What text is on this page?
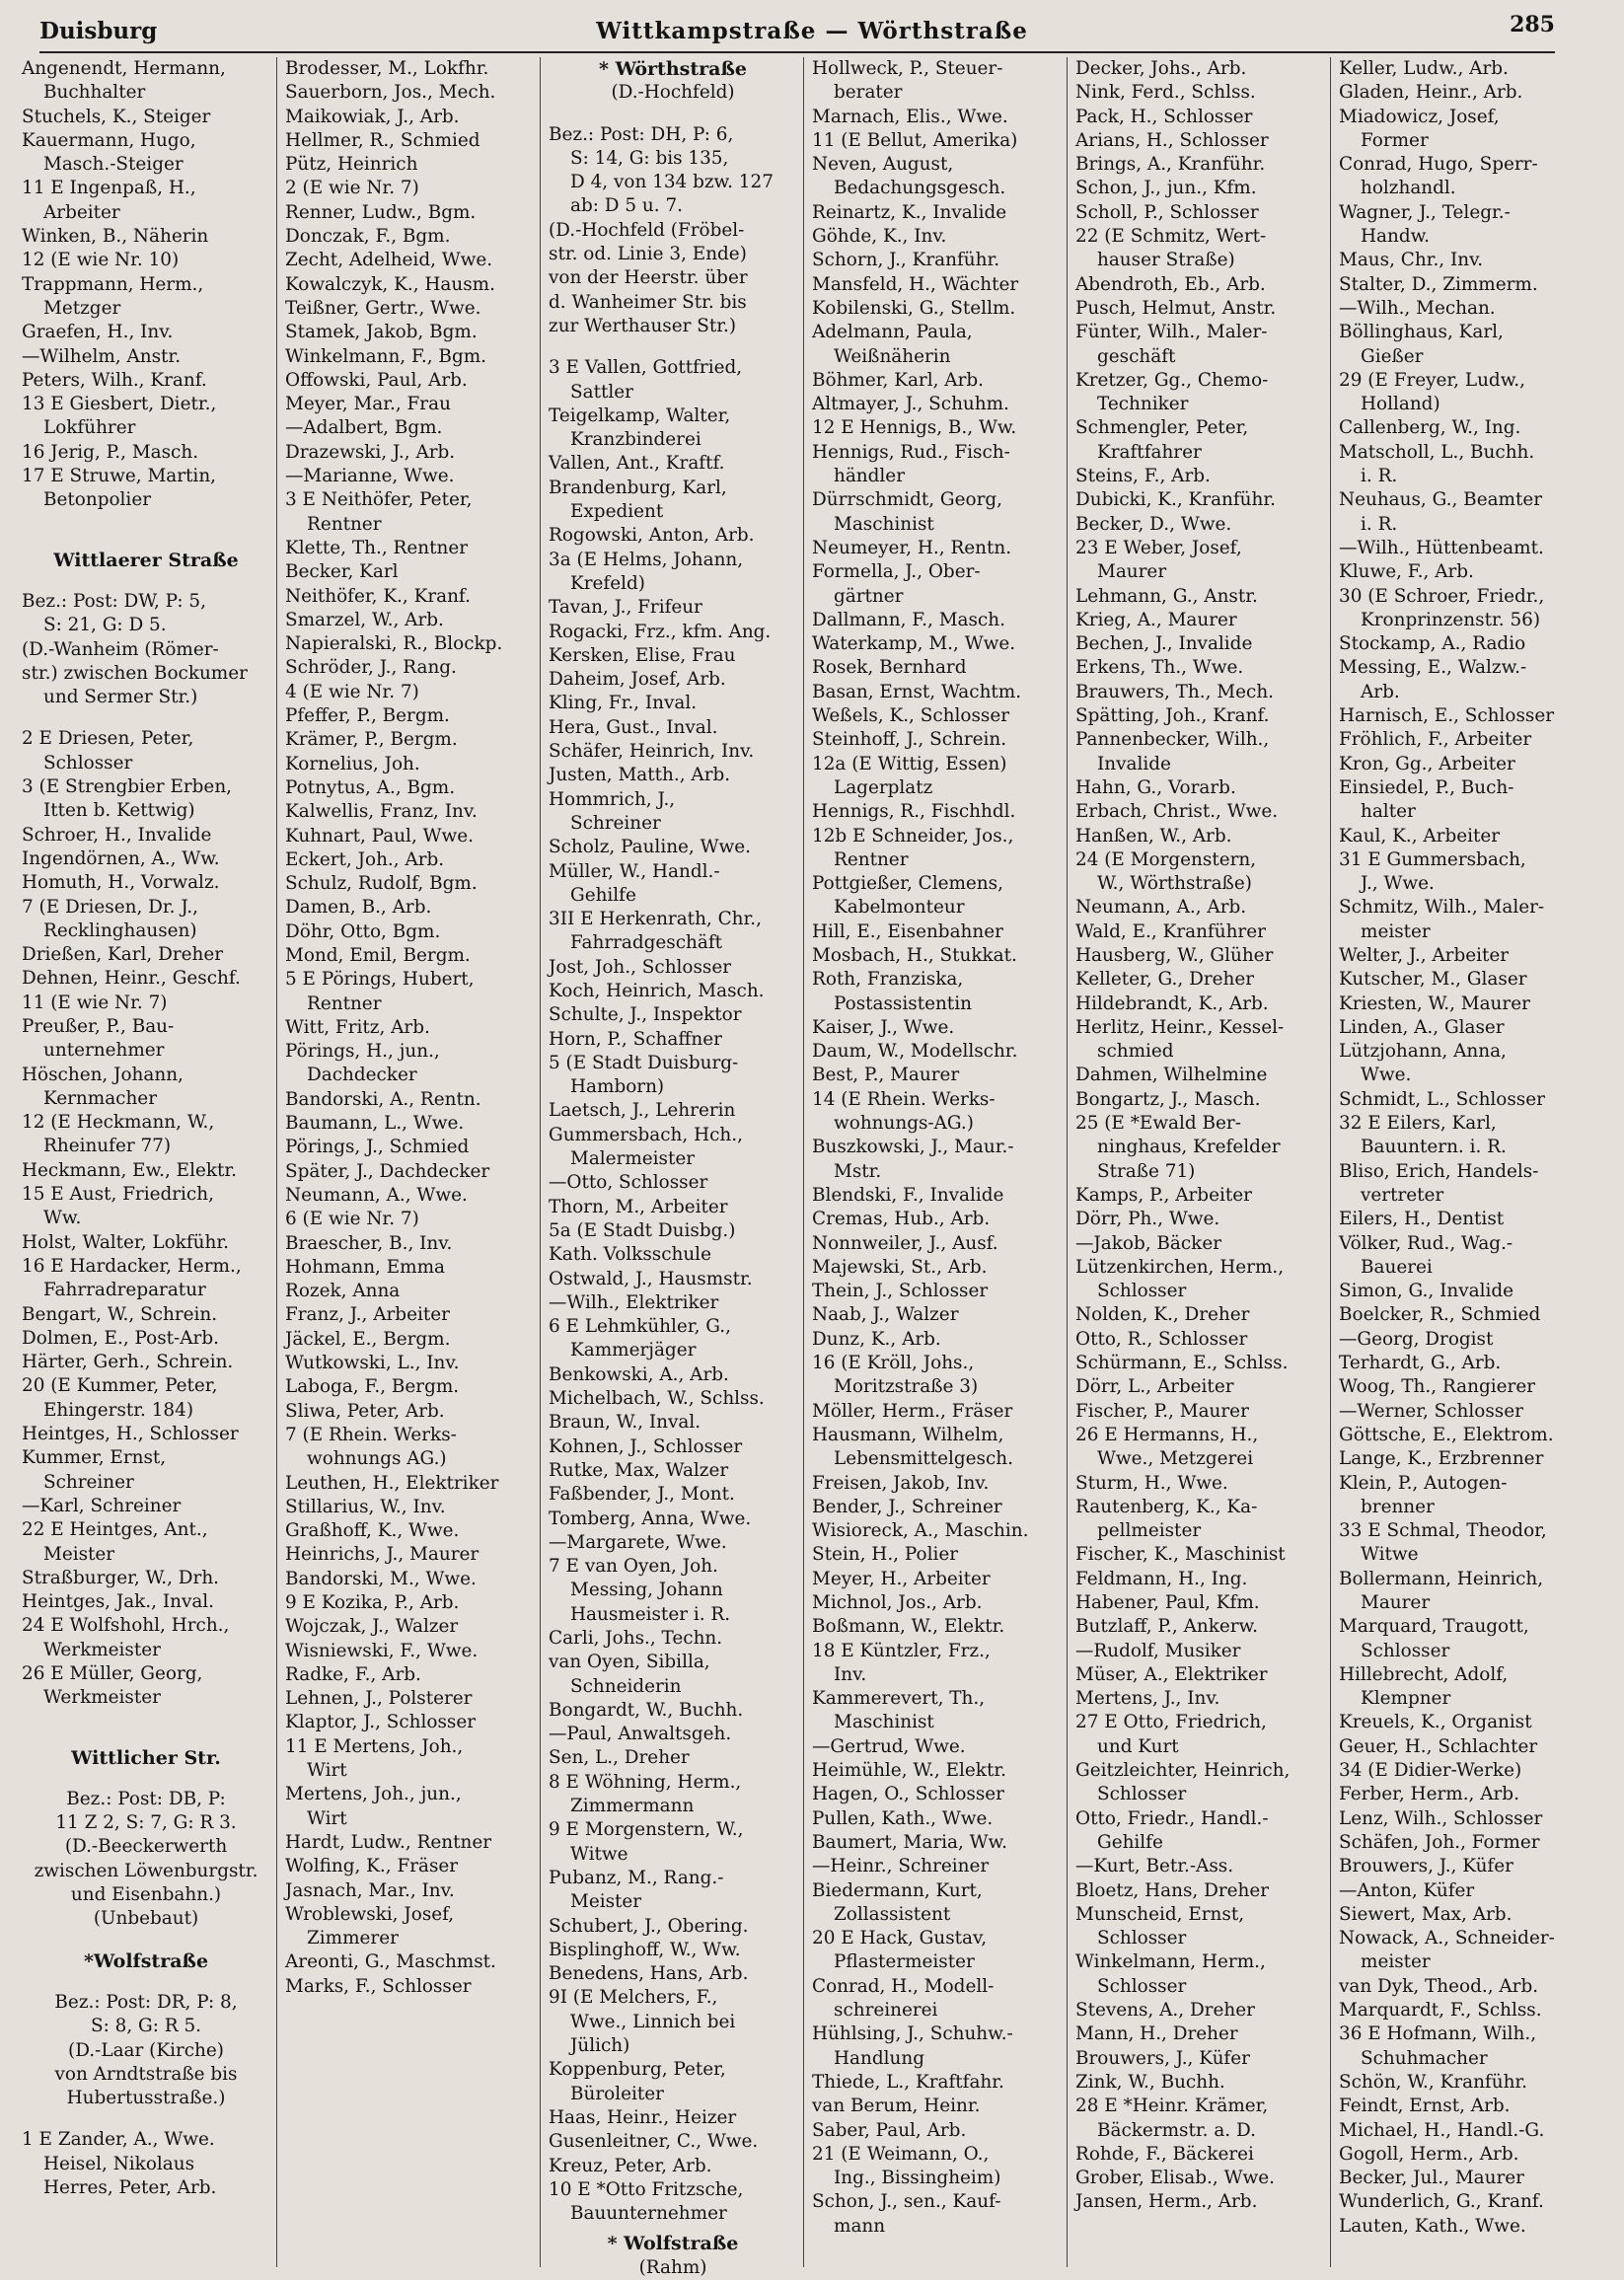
Duisburg	Wittkampstraße — Wörthstraße	285
Angenendt, Hermann,
Buchhalter
Stuchels, K., Steiger
Kauermann, Hugo,
Masch.-Steiger
11 E Ingenpaß, H.,
Arbeiter
Winken, B., Näherin
12 (E wie Nr. 10)
Trappmann, Herm.,
Metzger
Graefen, H., Inv.
—Wilhelm, Anstr.
Peters, Wilh., Kranf.
13 E Giesbert, Dietr.,
Lokführer
16 Jerig, P., Masch.
17 E Struwe, Martin,
Betonpolier
Wittlaerer Straße
Bez.: Post: DW, P: 5,
S: 21, G: D 5.
(D.-Wanheim (Römer-
str.) zwischen Bockumer
und Sermer Str.)
2 E Driesen, Peter,
Schlosser
3 (E Strengbier Erben,
Itten b. Kettwig)
Schroer, H., Invalide
Ingendörnen, A., Ww.
Homuth, H., Vorwalz.
7 (E Driesen, Dr. J.,
Recklinghausen)
Drießen, Karl, Dreher
Dehnen, Heinr., Geschf.
11 (E wie Nr. 7)
Preußer, P., Bau-
unternehmer
Höschen, Johann,
Kernmacher
12 (E Heckmann, W.,
Rheinufer 77)
Heckmann, Ew., Elektr.
15 E Aust, Friedrich,
Ww.
Holst, Walter, Lokführ.
16 E Hardacker, Herm.,
Fahrradreparatur
Bengart, W., Schrein.
Dolmen, E., Post-Arb.
Härter, Gerh., Schrein.
20 (E Kummer, Peter,
Ehingerstr. 184)
Heintges, H., Schlosser
Kummer, Ernst,
Schreiner
—Karl, Schreiner
22 E Heintges, Ant.,
Meister
Straßburger, W., Drh.
Heintges, Jak., Inval.
24 E Wolfshohl, Hrch.,
Werkmeister
26 E Müller, Georg,
Werkmeister
Wittlicher Str.
Bez.: Post: DB, P:
11 Z 2, S: 7, G: R 3.
(D.-Beeckerwerth
zwischen Löwenburgstr.
und Eisenbahn.)
(Unbebaut)
*Wolfstraße
Bez.: Post: DR, P: 8,
S: 8, G: R 5.
(D.-Laar (Kirche)
von Arndtstraße bis
Hubertusstraße.)
1 E Zander, A., Wwe.
Heisel, Nikolaus
Herres, Peter, Arb.
Brodesser, M., Lokfhr.
Sauerborn, Jos., Mech.
Maikowiak, J., Arb.
Hellmer, R., Schmied
Pütz, Heinrich
2 (E wie Nr. 7)
Renner, Ludw., Bgm.
Donczak, F., Bgm.
Zecht, Adelheid, Wwe.
Kowalczyk, K., Hausm.
Teißner, Gertr., Wwe.
Stamek, Jakob, Bgm.
Winkelmann, F., Bgm.
Offowski, Paul, Arb.
Meyer, Mar., Frau
—Adalbert, Bgm.
Drazewski, J., Arb.
—Marianne, Wwe.
3 E Neithöfer, Peter,
Rentner
Klette, Th., Rentner
Becker, Karl
Neithöfer, K., Kranf.
Smarzel, W., Arb.
Napieralski, R., Blockp.
Schröder, J., Rang.
4 (E wie Nr. 7)
Pfeffer, P., Bergm.
Krämer, P., Bergm.
Kornelius, Joh.
Potnytus, A., Bgm.
Kalwellis, Franz, Inv.
Kuhnart, Paul, Wwe.
Eckert, Joh., Arb.
Schulz, Rudolf, Bgm.
Damen, B., Arb.
Döhr, Otto, Bgm.
Mond, Emil, Bergm.
5 E Pörings, Hubert,
Rentner
Witt, Fritz, Arb.
Pörings, H., jun.,
Dachdecker
Bandorski, A., Rentn.
Baumann, L., Wwe.
Pörings, J., Schmied
Später, J., Dachdecker
Neumann, A., Wwe.
6 (E wie Nr. 7)
Braescher, B., Inv.
Hohmann, Emma
Rozek, Anna
Franz, J., Arbeiter
Jäckel, E., Bergm.
Wutkowski, L., Inv.
Laboga, F., Bergm.
Sliwa, Peter, Arb.
7 (E Rhein. Werks-
wohnungs AG.)
Leuthen, H., Elektriker
Stillarius, W., Inv.
Graßhoff, K., Wwe.
Heinrichs, J., Maurer
Bandorski, M., Wwe.
9 E Kozika, P., Arb.
Wojczak, J., Walzer
Wisniewski, F., Wwe.
Radke, F., Arb.
Lehnen, J., Polsterer
Klaptor, J., Schlosser
11 E Mertens, Joh.,
Wirt
Mertens, Joh., jun.,
Wirt
Hardt, Ludw., Rentner
Wolfing, K., Fräser
Jasnach, Mar., Inv.
Wroblewski, Josef,
Zimmerer
Areonti, G., Maschmst.
Marks, F., Schlosser
* Wörthstraße
(D.-Hochfeld)
Bez.: Post: DH, P: 6,
S: 14, G: bis 135,
D 4, von 134 bzw. 127
ab: D 5 u. 7.
(D.-Hochfeld (Fröbel-
str. od. Linie 3, Ende)
von der Heerstr. über
d. Wanheimer Str. bis
zur Werthauser Str.)
3 E Vallen, Gottfried,
Sattler
Teigelkamp, Walter,
Kranzbinderei
Vallen, Ant., Kraftf.
Brandenburg, Karl,
Expedient
Rogowski, Anton, Arb.
3a (E Helms, Johann,
Krefeld)
Tavan, J., Frifeur
Rogacki, Frz., kfm. Ang.
Kersken, Elise, Frau
Daheim, Josef, Arb.
Kling, Fr., Inval.
Hera, Gust., Inval.
Schäfer, Heinrich, Inv.
Justen, Matth., Arb.
Hommrich, J.,
Schreiner
Scholz, Pauline, Wwe.
Müller, W., Handl.-
Gehilfe
3II E Herkenrath, Chr.,
Fahrradgeschäft
Jost, Joh., Schlosser
Koch, Heinrich, Masch.
Schulte, J., Inspektor
Horn, P., Schaffner
5 (E Stadt Duisburg-
Hamborn)
Laetsch, J., Lehrerin
Gummersbach, Hch.,
Malermeister
—Otto, Schlosser
Thorn, M., Arbeiter
5a (E Stadt Duisbg.)
Kath. Volksschule
Ostwald, J., Hausmstr.
—Wilh., Elektriker
6 E Lehmkühler, G.,
Kammerjäger
Benkowski, A., Arb.
Michelbach, W., Schlss.
Braun, W., Inval.
Kohnen, J., Schlosser
Rutke, Max, Walzer
Faßbender, J., Mont.
Tomberg, Anna, Wwe.
—Margarete, Wwe.
7 E van Oyen, Joh.
Messing, Johann
Hausmeister i. R.
Carli, Johs., Techn.
van Oyen, Sibilla,
Schneiderin
Bongardt, W., Buchh.
—Paul, Anwaltsgeh.
Sen, L., Dreher
8 E Wöhning, Herm.,
Zimmermann
9 E Morgenstern, W.,
Witwe
Pubanz, M., Rang.-
Meister
Schubert, J., Obering.
Bisplinghoff, W., Ww.
Benedens, Hans, Arb.
9I (E Melchers, F.,
Wwe., Linnich bei
Jülich)
Koppenburg, Peter,
Büroleiter
Haas, Heinr., Heizer
Gusenleitner, C., Wwe.
Kreuz, Peter, Arb.
10 E *Otto Fritzsche,
Bauunternehmer
* Wolfstraße
(Rahm)
Hollweck, P., Steuer-
berater
Marnach, Elis., Wwe.
11 (E Bellut, Amerika)
Neven, August,
Bedachungsgesch.
Reinartz, K., Invalide
Göhde, K., Inv.
Schorn, J., Kranführ.
Mansfeld, H., Wächter
Kobilenski, G., Stellm.
Adelmann, Paula,
Weißnäherin
Böhmer, Karl, Arb.
Altmayer, J., Schuhm.
12 E Hennigs, B., Ww.
Hennigs, Rud., Fisch-
händler
Dürrschmidt, Georg,
Maschinist
Neumeyer, H., Rentn.
Formella, J., Ober-
gärtner
Dallmann, F., Masch.
Waterkamp, M., Wwe.
Rosek, Bernhard
Basan, Ernst, Wachtm.
Weßels, K., Schlosser
Steinhoff, J., Schrein.
12a (E Wittig, Essen)
Lagerplatz
Hennigs, R., Fischhdl.
12b E Schneider, Jos.,
Rentner
Pottgießer, Clemens,
Kabelmonteur
Hill, E., Eisenbahner
Mosbach, H., Stukkat.
Roth, Franziska,
Postassistentin
Kaiser, J., Wwe.
Daum, W., Modellschr.
Best, P., Maurer
14 (E Rhein. Werks-
wohnungs-AG.)
Buszkowski, J., Maur.-
Mstr.
Blendski, F., Invalide
Cremas, Hub., Arb.
Nonnweiler, J., Ausf.
Majewski, St., Arb.
Thein, J., Schlosser
Naab, J., Walzer
Dunz, K., Arb.
16 (E Kröll, Johs.,
Moritzstraße 3)
Möller, Herm., Fräser
Hausmann, Wilhelm,
Lebensmittelgesch.
Freisen, Jakob, Inv.
Bender, J., Schreiner
Wisioreck, A., Maschin.
Stein, H., Polier
Meyer, H., Arbeiter
Michnol, Jos., Arb.
Boßmann, W., Elektr.
18 E Küntzler, Frz.,
Inv.
Kammerevert, Th.,
Maschinist
—Gertrud, Wwe.
Heimühle, W., Elektr.
Hagen, O., Schlosser
Pullen, Kath., Wwe.
Baumert, Maria, Ww.
—Heinr., Schreiner
Biedermann, Kurt,
Zollassistent
20 E Hack, Gustav,
Pflastermeister
Conrad, H., Modell-
schreinerei
Hühlsing, J., Schuhw.-
Handlung
Thiede, L., Kraftfahr.
van Berum, Heinr.
Saber, Paul, Arb.
21 (E Weimann, O.,
Ing., Bissingheim)
Schon, J., sen., Kauf-
mann
Decker, Johs., Arb.
Nink, Ferd., Schlss.
Pack, H., Schlosser
Arians, H., Schlosser
Brings, A., Kranführ.
Schon, J., jun., Kfm.
Scholl, P., Schlosser
22 (E Schmitz, Wert-
hauser Straße)
Abendroth, Eb., Arb.
Pusch, Helmut, Anstr.
Fünter, Wilh., Maler-
geschäft
Kretzer, Gg., Chemo-
Techniker
Schmengler, Peter,
Kraftfahrer
Steins, F., Arb.
Dubicki, K., Kranführ.
Becker, D., Wwe.
23 E Weber, Josef,
Maurer
Lehmann, G., Anstr.
Krieg, A., Maurer
Bechen, J., Invalide
Erkens, Th., Wwe.
Brauwers, Th., Mech.
Spätting, Joh., Kranf.
Pannenbecker, Wilh.,
Invalide
Hahn, G., Vorarb.
Erbach, Christ., Wwe.
Hanßen, W., Arb.
24 (E Morgenstern,
W., Wörthstraße)
Neumann, A., Arb.
Wald, E., Kranführer
Hausberg, W., Glüher
Kelleter, G., Dreher
Hildebrandt, K., Arb.
Herlitz, Heinr., Kessel-
schmied
Dahmen, Wilhelmine
Bongartz, J., Masch.
25 (E *Ewald Ber-
ninghaus, Krefelder
Straße 71)
Kamps, P., Arbeiter
Dörr, Ph., Wwe.
—Jakob, Bäcker
Lützenkirchen, Herm.,
Schlosser
Nolden, K., Dreher
Otto, R., Schlosser
Schürmann, E., Schlss.
Dörr, L., Arbeiter
Fischer, P., Maurer
26 E Hermanns, H.,
Wwe., Metzgerei
Sturm, H., Wwe.
Rautenberg, K., Ka-
pellmeister
Fischer, K., Maschinist
Feldmann, H., Ing.
Habener, Paul, Kfm.
Butzlaff, P., Ankerw.
—Rudolf, Musiker
Müser, A., Elektriker
Mertens, J., Inv.
27 E Otto, Friedrich,
und Kurt
Geitzleichter, Heinrich,
Schlosser
Otto, Friedr., Handl.-
Gehilfe
—Kurt, Betr.-Ass.
Bloetz, Hans, Dreher
Munscheid, Ernst,
Schlosser
Winkelmann, Herm.,
Schlosser
Stevens, A., Dreher
Mann, H., Dreher
Brouwers, J., Küfer
Zink, W., Buchh.
28 E *Heinr. Krämer,
Bäckermstr. a. D.
Rohde, F., Bäckerei
Grober, Elisab., Wwe.
Jansen, Herm., Arb.
Keller, Ludw., Arb.
Gladen, Heinr., Arb.
Miadowicz, Josef,
Former
Conrad, Hugo, Sperr-
holzhandl.
Wagner, J., Telegr.-
Handw.
Maus, Chr., Inv.
Stalter, D., Zimmerm.
—Wilh., Mechan.
Böllinghaus, Karl,
Gießer
29 (E Freyer, Ludw.,
Holland)
Callenberg, W., Ing.
Matscholl, L., Buchh.
i. R.
Neuhaus, G., Beamter
i. R.
—Wilh., Hüttenbeamt.
Kluwe, F., Arb.
30 (E Schroer, Friedr.,
Kronprinzenstr. 56)
Stockamp, A., Radio
Messing, E., Walzw.-
Arb.
Harnisch, E., Schlosser
Fröhlich, F., Arbeiter
Kron, Gg., Arbeiter
Einsiedel, P., Buch-
halter
Kaul, K., Arbeiter
31 E Gummersbach,
J., Wwe.
Schmitz, Wilh., Maler-
meister
Welter, J., Arbeiter
Kutscher, M., Glaser
Kriesten, W., Maurer
Linden, A., Glaser
Lützjohann, Anna,
Wwe.
Schmidt, L., Schlosser
32 E Eilers, Karl,
Bauuntern. i. R.
Bliso, Erich, Handels-
vertreter
Eilers, H., Dentist
Völker, Rud., Wag.-
Bauerei
Simon, G., Invalide
Boelcker, R., Schmied
—Georg, Drogist
Terhardt, G., Arb.
Woog, Th., Rangierer
—Werner, Schlosser
Göttsche, E., Elektrom.
Lange, K., Erzbrenner
Klein, P., Autogen-
brenner
33 E Schmal, Theodor,
Witwe
Bollermann, Heinrich,
Maurer
Marquard, Traugott,
Schlosser
Hillebrecht, Adolf,
Klempner
Kreuels, K., Organist
Geuer, H., Schlachter
34 (E Didier-Werke)
Ferber, Herm., Arb.
Lenz, Wilh., Schlosser
Schäfen, Joh., Former
Brouwers, J., Küfer
—Anton, Küfer
Siewert, Max, Arb.
Nowack, A., Schneider-
meister
van Dyk, Theod., Arb.
Marquardt, F., Schlss.
36 E Hofmann, Wilh.,
Schuhmacher
Schön, W., Kranführ.
Feindt, Ernst, Arb.
Michael, H., Handl.-G.
Gogoll, Herm., Arb.
Becker, Jul., Maurer
Wunderlich, G., Kranf.
Lauten, Kath., Wwe.
